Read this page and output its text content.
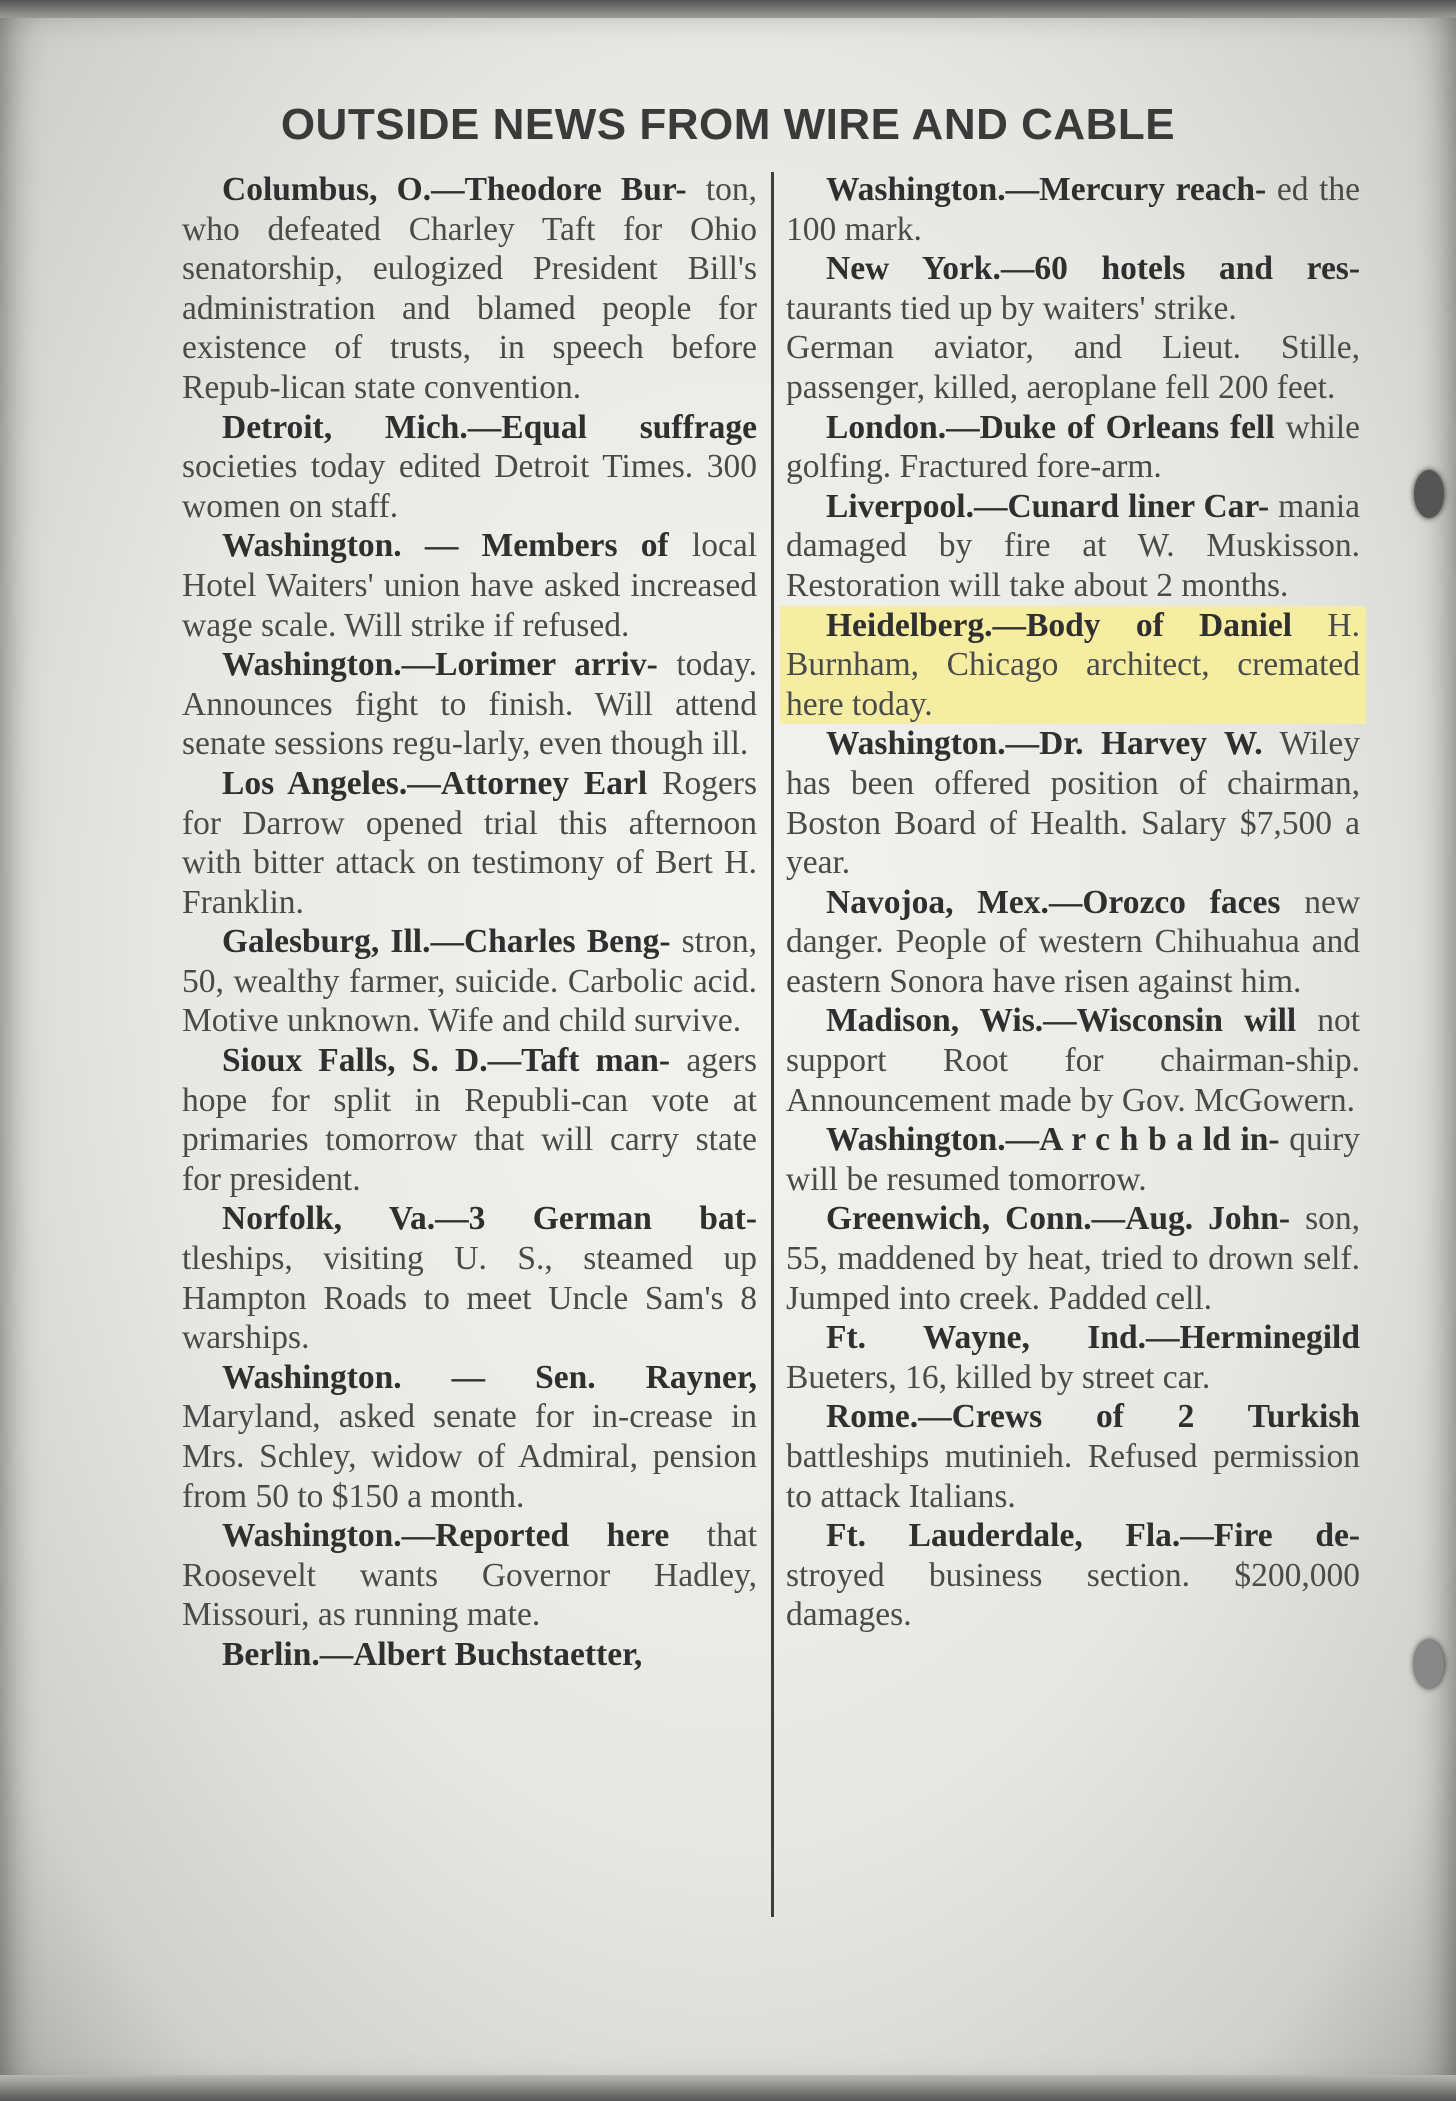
OUTSIDE NEWS FROM WIRE AND CABLE

Columbus, O.—Theodore Bur- ton, who defeated Charley Taft for Ohio senatorship, eulogized President Bill's administration and blamed people for existence of trusts, in speech before Repub-lican state convention.

Detroit, Mich.—Equal suffrage societies today edited Detroit Times. 300 women on staff.

Washington. — Members of local Hotel Waiters' union have asked increased wage scale. Will strike if refused.

Washington.—Lorimer arriv- today. Announces fight to finish. Will attend senate sessions regu-larly, even though ill.

Los Angeles.—Attorney Earl Rogers for Darrow opened trial this afternoon with bitter attack on testimony of Bert H. Franklin.

Galesburg, Ill.—Charles Beng- stron, 50, wealthy farmer, suicide. Carbolic acid. Motive unknown. Wife and child survive.

Sioux Falls, S. D.—Taft man- agers hope for split in Republi-can vote at primaries tomorrow that will carry state for president.

Norfolk, Va.—3 German bat- tleships, visiting U. S., steamed up Hampton Roads to meet Uncle Sam's 8 warships.

Washington. — Sen. Rayner, Maryland, asked senate for in-crease in Mrs. Schley, widow of Admiral, pension from 50 to $150 a month.

Washington.—Reported here that Roosevelt wants Governor Hadley, Missouri, as running mate.

Berlin.—Albert Buchstaetter,

Washington.—Mercury reach- ed the 100 mark.

New York.—60 hotels and res- taurants tied up by waiters' strike.

German aviator, and Lieut. Stille, passenger, killed, aeroplane fell 200 feet.

London.—Duke of Orleans fell while golfing. Fractured fore-arm.

Liverpool.—Cunard liner Car- mania damaged by fire at W. Muskisson. Restoration will take about 2 months.

Heidelberg.—Body of Daniel H. Burnham, Chicago architect, cremated here today.

Washington.—Dr. Harvey W. Wiley has been offered position of chairman, Boston Board of Health. Salary $7,500 a year.

Navojoa, Mex.—Orozco faces new danger. People of western Chihuahua and eastern Sonora have risen against him.

Madison, Wis.—Wisconsin will not support Root for chairman-ship. Announcement made by Gov. McGowern.

Washington.—A r c h b a ld in- quiry will be resumed tomorrow.

Greenwich, Conn.—Aug. John- son, 55, maddened by heat, tried to drown self. Jumped into creek. Padded cell.

Ft. Wayne, Ind.—Herminegild Bueters, 16, killed by street car.

Rome.—Crews of 2 Turkish battleships mutinieh. Refused permission to attack Italians.

Ft. Lauderdale, Fla.—Fire de- stroyed business section. $200,000 damages.
